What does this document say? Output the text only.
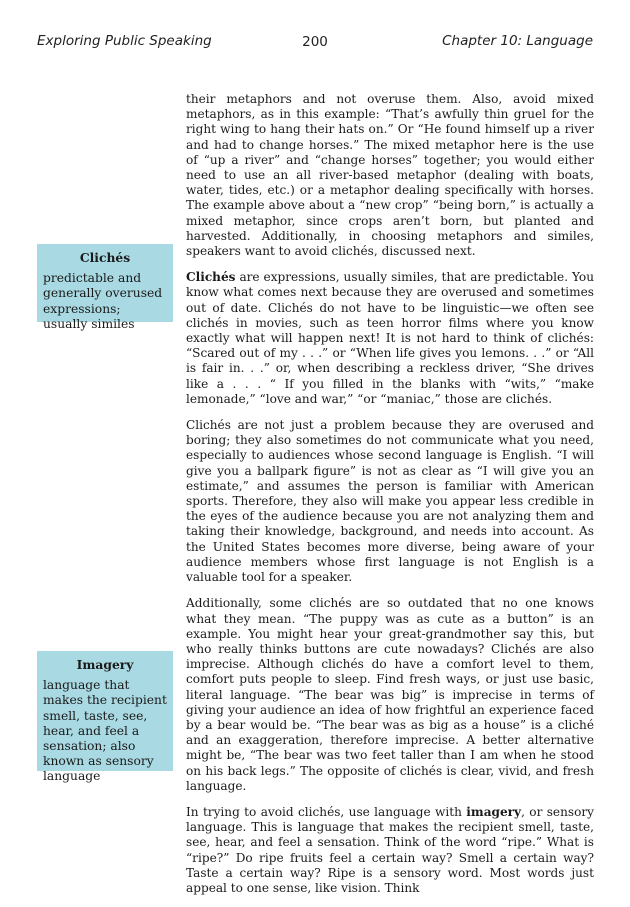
Exploring Public Speaking	200	Chapter 10: Language
Clichés
predictable and generally overused expressions; usually similes
Imagery
language that makes the recipient smell, taste, see, hear, and feel a sensation; also known as sensory language

their metaphors and not overuse them. Also, avoid mixed metaphors, as in this example: “That’s awfully thin gruel for the right wing to hang their hats on.” Or “He found himself up a river and had to change horses.” The mixed metaphor here is the use of “up a river” and “change horses” together; you would either need to use an all river-based metaphor (dealing with boats, water, tides, etc.) or a metaphor dealing specifically with horses. The example above about a “new crop” “being born,” is actually a mixed metaphor, since crops aren’t born, but planted and harvested. Additionally, in choosing metaphors and similes, speakers want to avoid clichés, discussed next.

Clichés are expressions, usually similes, that are predictable. You know what comes next because they are overused and sometimes out of date. Clichés do not have to be linguistic—we often see clichés in movies, such as teen horror films where you know exactly what will happen next! It is not hard to think of clichés: “Scared out of my . . .” or “When life gives you lemons. . .” or “All is fair in. . .” or, when describing a reckless driver, “She drives like a . . . “ If you filled in the blanks with “wits,” “make lemonade,” “love and war,” “or “maniac,” those are clichés.

Clichés are not just a problem because they are overused and boring; they also sometimes do not communicate what you need, especially to audiences whose second language is English. “I will give you a ballpark figure” is not as clear as “I will give you an estimate,” and assumes the person is familiar with American sports. Therefore, they also will make you appear less credible in the eyes of the audience because you are not analyzing them and taking their knowledge, background, and needs into account. As the United States becomes more diverse, being aware of your audience members whose first language is not English is a valuable tool for a speaker.

Additionally, some clichés are so outdated that no one knows what they mean. “The puppy was as cute as a button” is an example. You might hear your great-grandmother say this, but who really thinks buttons are cute nowadays? Clichés are also imprecise. Although clichés do have a comfort level to them, comfort puts people to sleep. Find fresh ways, or just use basic, literal language. “The bear was big” is imprecise in terms of giving your audience an idea of how frightful an experience faced by a bear would be. “The bear was as big as a house” is a cliché and an exaggeration, therefore imprecise. A better alternative might be, “The bear was two feet taller than I am when he stood on his back legs.” The opposite of clichés is clear, vivid, and fresh language.

In trying to avoid clichés, use language with imagery, or sensory language. This is language that makes the recipient smell, taste, see, hear, and feel a sensation. Think of the word “ripe.” What is “ripe?” Do ripe fruits feel a certain way? Smell a certain way? Taste a certain way? Ripe is a sensory word. Most words just appeal to one sense, like vision. Think
